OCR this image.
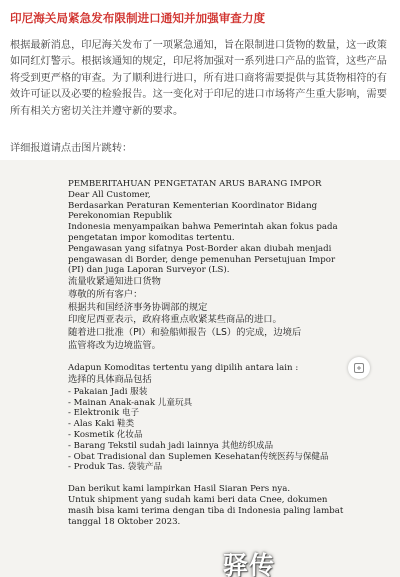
印尼海关局紧急发布限制进口通知并加强审查力度
根据最新消息，印尼海关发布了一项紧急通知，旨在限制进口货物的数量，这一政策如同红灯警示。根据该通知的规定，印尼将加强对一系列进口产品的监管，这些产品将受到更严格的审查。为了顺利进行进口，所有进口商将需要提供与其货物相符的有效许可证以及必要的检验报告。这一变化对于印尼的进口市场将产生重大影响，需要所有相关方密切关注并遵守新的要求。
详细报道请点击图片跳转：

PEMBERITAHUAN PENGETATAN ARUS BARANG IMPOR

Dear All Customer,

Berdasarkan Peraturan Kementerian Koordinator Bidang

Perekonomian Republik

Indonesia menyampaikan bahwa Pemerintah akan fokus pada

pengetatan impor komoditas tertentu.

Pengawasan yang sifatnya Post-Border akan diubah menjadi

pengawasan di Border, denge pemenuhan Persetujuan Impor

(PI) dan juga Laporan Surveyor (LS).

流量收紧通知进口货物

尊敬的所有客户：

根据共和国经济事务协调部的规定

印度尼西亚表示，政府将重点收紧某些商品的进口。

随着进口批准（PI）和验船师报告（LS）的完成，边境后

监管将改为边境监管。

Adapun Komoditas tertentu yang dipilih antara lain :

选择的具体商品包括

- Pakaian Jadi 服装

- Mainan Anak-anak 儿童玩具

- Elektronik 电子

- Alas Kaki 鞋类

- Kosmetik 化妆品

- Barang Tekstil sudah jadi lainnya 其他纺织成品

- Obat Tradisional dan Suplemen Kesehatan传统医药与保健品

- Produk Tas. 袋装产品

Dan berikut kami lampirkan Hasil Siaran Pers nya.

Untuk shipment yang sudah kami beri data Cnee, dokumen

masih bisa kami terima dengan tiba di Indonesia paling lambat

tanggal 18 Oktober 2023.

驿传
